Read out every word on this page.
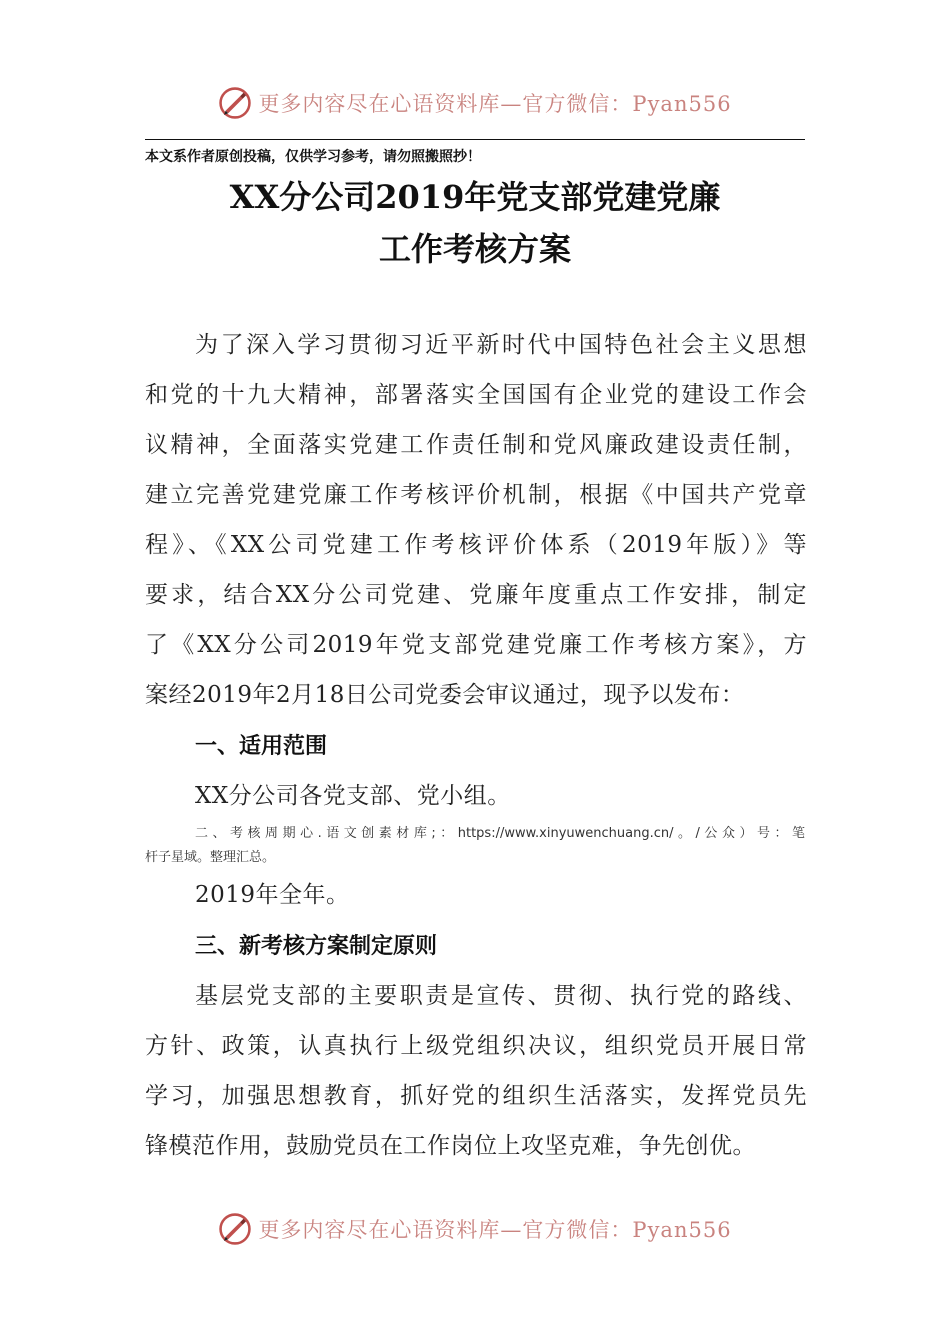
更多内容尽在心语资料库—官方微信：Pyan556
本文系作者原创投稿，仅供学习参考，请勿照搬照抄！
XX分公司2019年党支部党建党廉
工作考核方案
为了深入学习贯彻习近平新时代中国特色社会主义思想
和党的十九大精神，部署落实全国国有企业党的建设工作会
议精神，全面落实党建工作责任制和党风廉政建设责任制，
建立完善党建党廉工作考核评价机制，根据《中国共产党章
程》、《XX公司党建工作考核评价体系（2019年版）》等
要求，结合XX分公司党建、党廉年度重点工作安排，制定
了《XX分公司2019年党支部党建党廉工作考核方案》，方
案经2019年2月18日公司党委会审议通过，现予以发布：
一、适用范围
XX分公司各党支部、党小组。
二、考核周期心.语文创素材库;：https://www.xinyuwenchuang.cn/。/公众）号：笔
杆子星域。整理汇总。
2019年全年。
三、新考核方案制定原则
基层党支部的主要职责是宣传、贯彻、执行党的路线、
方针、政策，认真执行上级党组织决议，组织党员开展日常
学习，加强思想教育，抓好党的组织生活落实，发挥党员先
锋模范作用，鼓励党员在工作岗位上攻坚克难，争先创优。
更多内容尽在心语资料库—官方微信：Pyan556
